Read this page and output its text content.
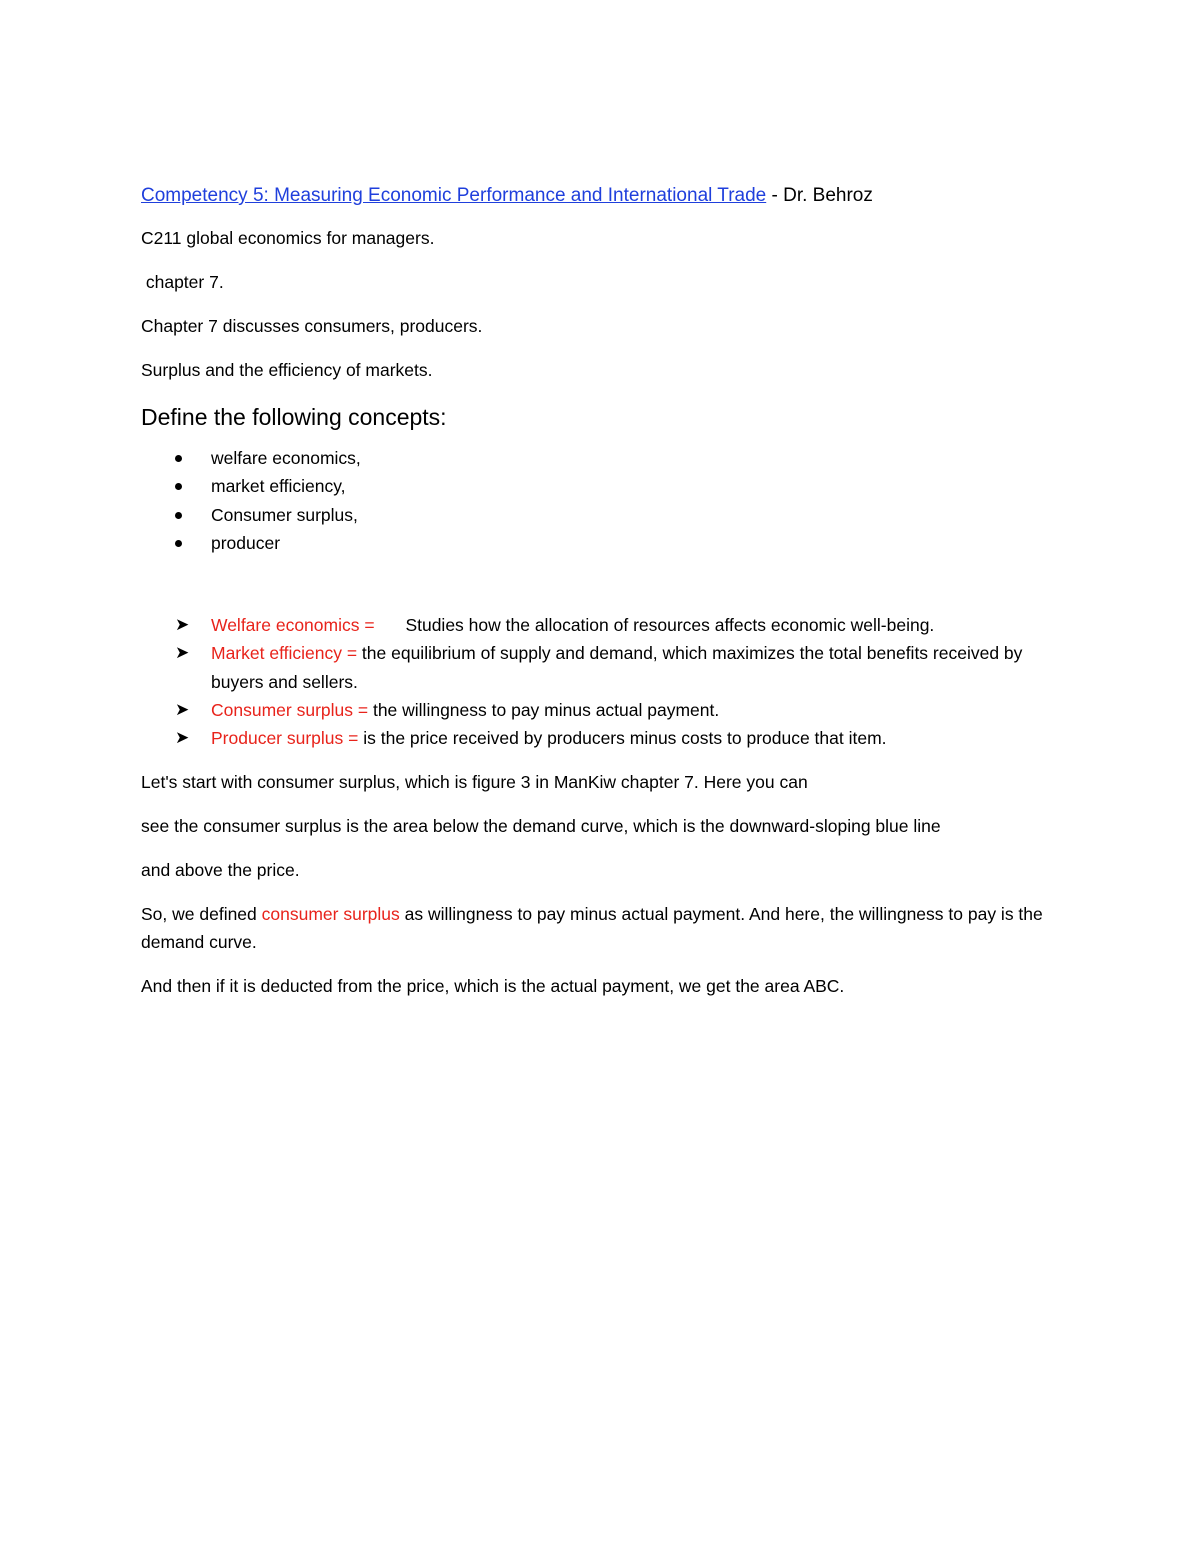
Competency 5: Measuring Economic Performance and International Trade - Dr. Behroz

C211 global economics for managers.

chapter 7.

Chapter 7 discusses consumers, producers.

Surplus and the efficiency of markets.

Define the following concepts:
welfare economics,
market efficiency,
Consumer surplus,
producer
➤ Welfare economics = Studies how the allocation of resources affects economic well-being.
➤ Market efficiency = the equilibrium of supply and demand, which maximizes the total benefits received by buyers and sellers.
➤ Consumer surplus = the willingness to pay minus actual payment.
➤ Producer surplus = is the price received by producers minus costs to produce that item.

Let's start with consumer surplus, which is figure 3 in ManKiw chapter 7. Here you can

see the consumer surplus is the area below the demand curve, which is the downward-sloping blue line

and above the price.

So, we defined consumer surplus as willingness to pay minus actual payment. And here, the willingness to pay is the demand curve.

And then if it is deducted from the price, which is the actual payment, we get the area ABC.
